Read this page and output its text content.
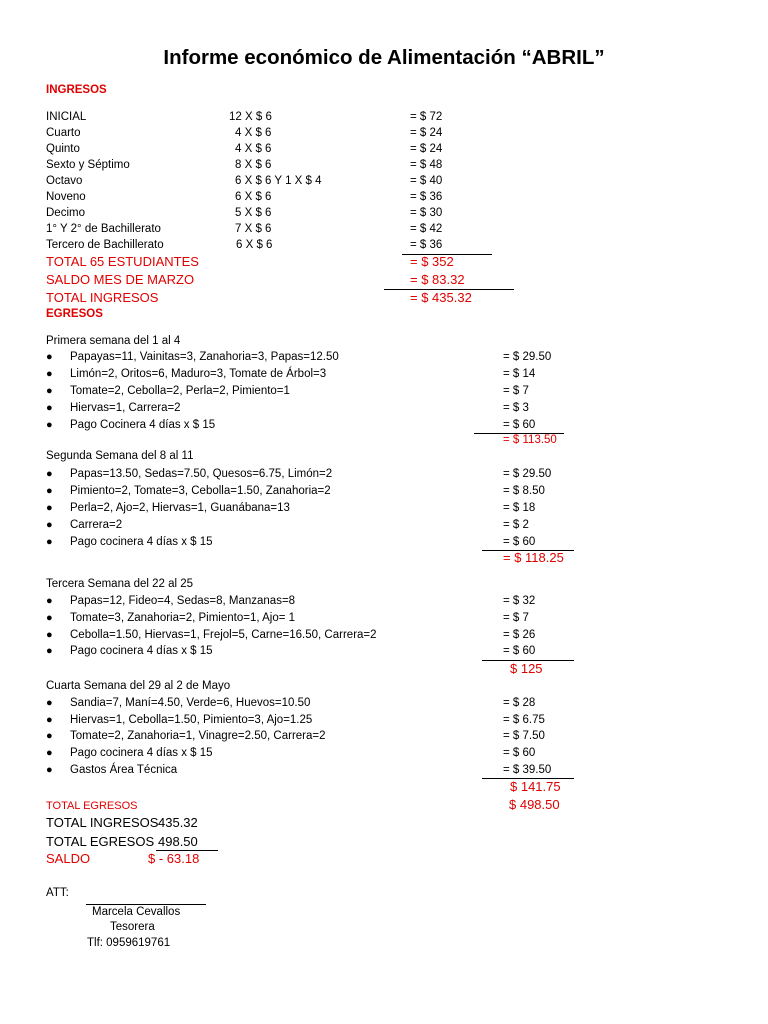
Informe económico de Alimentación “ABRIL”
INGRESOS
INICIAL	12 X $ 6	= $ 72
Cuarto	4 X $ 6	= $ 24
Quinto	4 X $ 6	= $ 24
Sexto y Séptimo	8 X $ 6	= $ 48
Octavo	6 X $ 6 Y 1 X $ 4	= $ 40
Noveno	6 X $ 6	= $ 36
Decimo	5 X $ 6	= $ 30
1° Y 2° de Bachillerato	7 X $ 6	= $ 42
Tercero de Bachillerato	6 X $ 6	= $ 36
TOTAL 65 ESTUDIANTES	= $ 352
SALDO MES DE MARZO	= $ 83.32
TOTAL INGRESOS	= $ 435.32
EGRESOS
Primera semana del 1 al 4
● Papayas=11, Vainitas=3, Zanahoria=3, Papas=12.50	= $ 29.50
● Limón=2, Oritos=6, Maduro=3, Tomate de Árbol=3	= $ 14
● Tomate=2, Cebolla=2, Perla=2, Pimiento=1	= $ 7
● Hiervas=1, Carrera=2	= $ 3
● Pago Cocinera 4 días x $ 15	= $ 60
= $ 113.50
Segunda Semana del 8 al 11
● Papas=13.50, Sedas=7.50, Quesos=6.75, Limón=2	= $ 29.50
● Pimiento=2, Tomate=3, Cebolla=1.50, Zanahoria=2	= $ 8.50
● Perla=2, Ajo=2, Hiervas=1, Guanábana=13	= $ 18
● Carrera=2	= $ 2
● Pago cocinera 4 días x $ 15	= $ 60
= $ 118.25
Tercera Semana del 22 al 25
● Papas=12, Fideo=4, Sedas=8, Manzanas=8	= $ 32
● Tomate=3, Zanahoria=2, Pimiento=1, Ajo= 1	= $ 7
● Cebolla=1.50, Hiervas=1, Frejol=5, Carne=16.50, Carrera=2	= $ 26
● Pago cocinera 4 días x $ 15	= $ 60
$ 125
Cuarta Semana del 29 al 2 de Mayo
● Sandia=7, Maní=4.50, Verde=6, Huevos=10.50	= $ 28
● Hiervas=1, Cebolla=1.50, Pimiento=3, Ajo=1.25	= $ 6.75
● Tomate=2, Zanahoria=1, Vinagre=2.50, Carrera=2	= $ 7.50
● Pago cocinera 4 días x $ 15	= $ 60
● Gastos Área Técnica	= $ 39.50
$ 141.75
TOTAL EGRESOS	$ 498.50
TOTAL INGRESOS 435.32
TOTAL EGRESOS 498.50
SALDO	$ - 63.18
ATT:
Marcela Cevallos
Tesorera
Tlf: 0959619761
